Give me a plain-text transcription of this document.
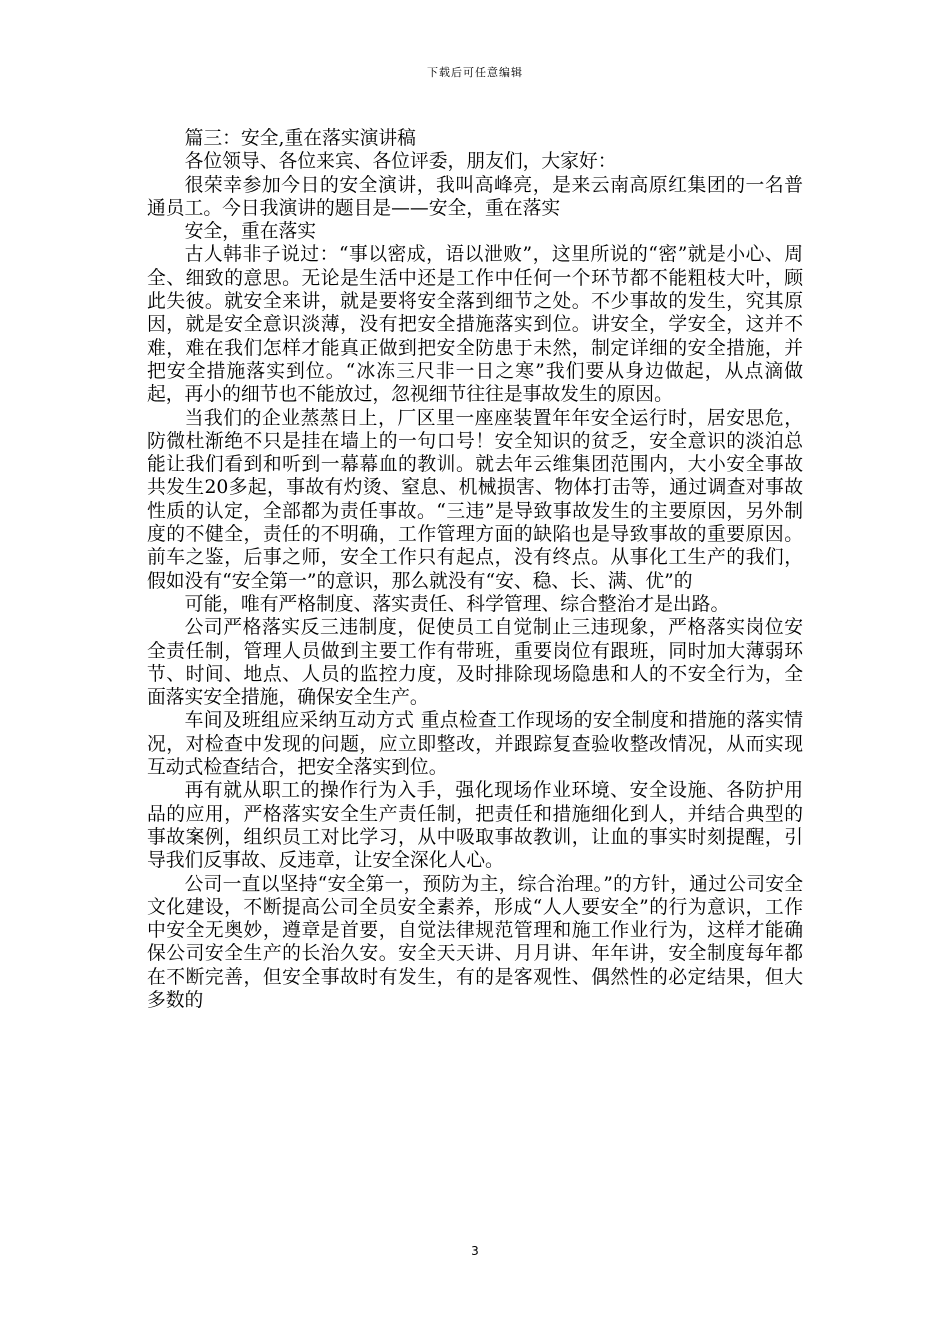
下载后可任意编辑

篇三：安全,重在落实演讲稿

各位领导、各位来宾、各位评委，朋友们，大家好：

很荣幸参加今日的安全演讲，我叫高峰亮，是来云南高原红集团的一名普通员工。今日我演讲的题目是——安全，重在落实

安全，重在落实

古人韩非子说过：“事以密成，语以泄败”，这里所说的“密”就是小心、周全、细致的意思。无论是生活中还是工作中任何一个环节都不能粗枝大叶，顾此失彼。就安全来讲，就是要将安全落到细节之处。不少事故的发生，究其原因，就是安全意识淡薄，没有把安全措施落实到位。讲安全，学安全，这并不难，难在我们怎样才能真正做到把安全防患于未然，制定详细的安全措施，并把安全措施落实到位。“冰冻三尺非一日之寒”我们要从身边做起，从点滴做起，再小的细节也不能放过，忽视细节往往是事故发生的原因。

当我们的企业蒸蒸日上，厂区里一座座装置年年安全运行时，居安思危，防微杜渐绝不只是挂在墙上的一句口号！安全知识的贫乏，安全意识的淡泊总能让我们看到和听到一幕幕血的教训。就去年云维集团范围内，大小安全事故共发生20多起，事故有灼烫、窒息、机械损害、物体打击等，通过调查对事故性质的认定，全部都为责任事故。“三违”是导致事故发生的主要原因，另外制度的不健全，责任的不明确，工作管理方面的缺陷也是导致事故的重要原因。前车之鉴，后事之师，安全工作只有起点，没有终点。从事化工生产的我们，假如没有“安全第一”的意识，那么就没有“安、稳、长、满、优”的

可能，唯有严格制度、落实责任、科学管理、综合整治才是出路。

公司严格落实反三违制度，促使员工自觉制止三违现象，严格落实岗位安全责任制，管理人员做到主要工作有带班，重要岗位有跟班，同时加大薄弱环节、时间、地点、人员的监控力度，及时排除现场隐患和人的不安全行为，全面落实安全措施，确保安全生产。

车间及班组应采纳互动方式 重点检查工作现场的安全制度和措施的落实情况，对检查中发现的问题，应立即整改，并跟踪复查验收整改情况，从而实现互动式检查结合，把安全落实到位。

再有就从职工的操作行为入手，强化现场作业环境、安全设施、各防护用品的应用，严格落实安全生产责任制，把责任和措施细化到人，并结合典型的事故案例，组织员工对比学习，从中吸取事故教训，让血的事实时刻提醒，引导我们反事故、反违章，让安全深化人心。

公司一直以坚持“安全第一，预防为主，综合治理。”的方针，通过公司安全文化建设，不断提高公司全员安全素养，形成“人人要安全”的行为意识，工作中安全无奥妙，遵章是首要，自觉法律规范管理和施工作业行为，这样才能确保公司安全生产的长治久安。安全天天讲、月月讲、年年讲，安全制度每年都在不断完善，但安全事故时有发生，有的是客观性、偶然性的必定结果，但大多数的

3
